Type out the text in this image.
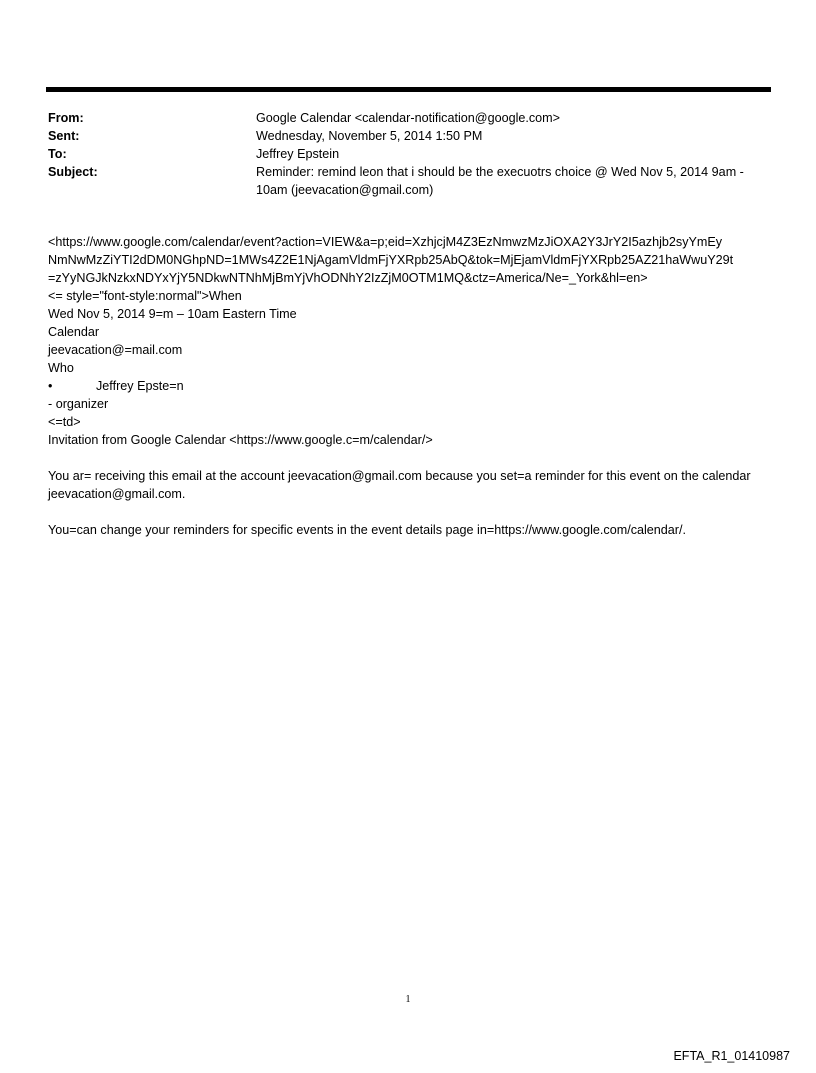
From:	Google Calendar <calendar-notification@google.com>
Sent:	Wednesday, November 5, 2014 1:50 PM
To:	Jeffrey Epstein
Subject:	Reminder: remind leon that i should be the execuotrs choice @ Wed Nov 5, 2014 9am - 10am (jeevacation@gmail.com)
<https://www.google.com/calendar/event?action=VIEW&a=p;eid=XzhjcjM4Z3EzNmwzMzJiOXA2Y3JrY2I5azhjb2syYmEy
NmNwMzZiYTI2dDM0NGhpND=1MWs4Z2E1NjAgamVldmFjYXRpb25AbQ&tok=MjEjamVldmFjYXRpb25AZ21haWwuY29t
=zYyNGJkNzkxNDYxYjY5NDkwNTNhMjBmYjVhODNhY2IzZjM0OTM1MQ&ctz=America/Ne=_York&hl=en>
<= style="font-style:normal">When
Wed Nov 5, 2014 9=m – 10am Eastern Time
Calendar
jeevacation@=mail.com
Who
•	Jeffrey Epste=n
- organizer
<=td>
Invitation from Google Calendar <https://www.google.c=m/calendar/>
You ar= receiving this email at the account jeevacation@gmail.com because you set=a reminder for this event on the calendar jeevacation@gmail.com.
You=can change your reminders for specific events in the event details page in=https://www.google.com/calendar/.
1
EFTA_R1_01410987
